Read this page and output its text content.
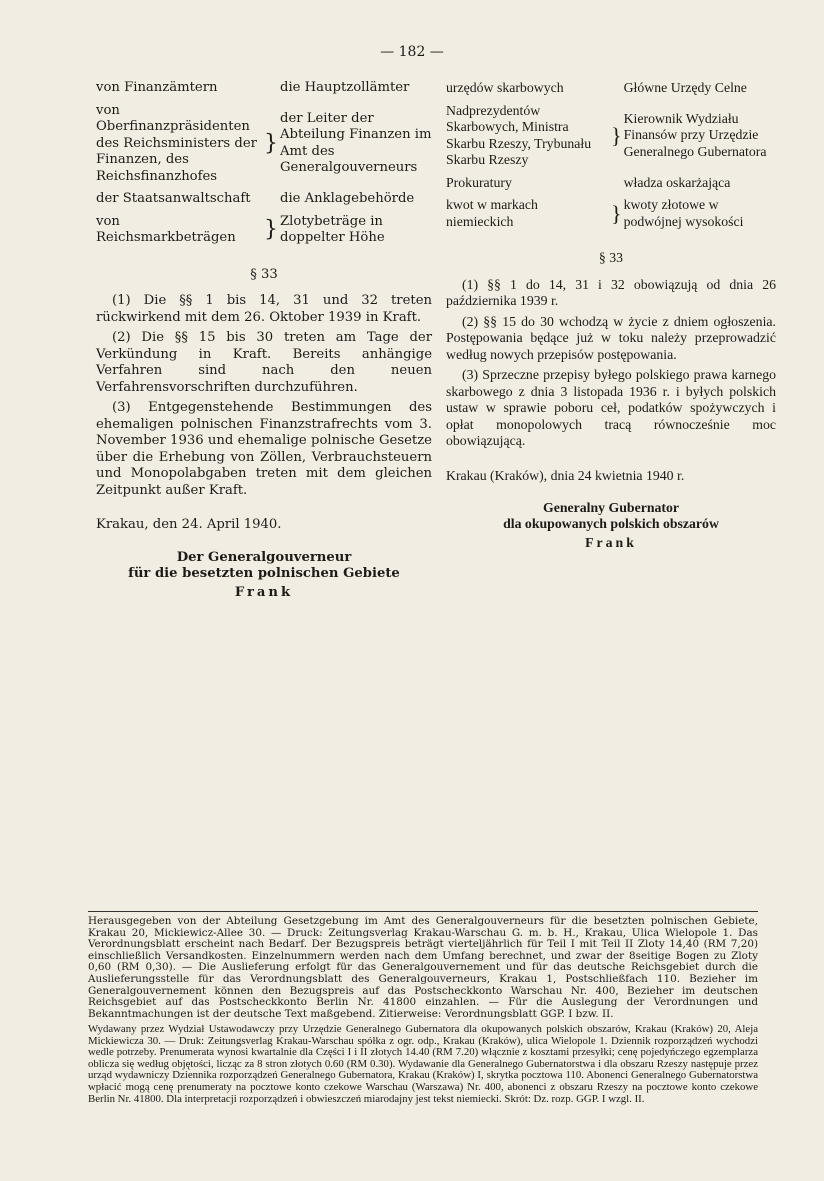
— 182 —
von Finanzämtern		die Hauptzollämter
von Oberfinanzpräsidenten des Reichsministers der Finanzen, des Reichsfinanzhofes	}	der Leiter der Abteilung Finanzen im Amt des Generalgouverneurs
der Staatsanwaltschaft		die Anklagebehörde
von Reichsmarkbeträgen	}	Zlotybeträge in doppelter Höhe
§ 33

(1) Die §§ 1 bis 14, 31 und 32 treten rückwirkend mit dem 26. Oktober 1939 in Kraft.

(2) Die §§ 15 bis 30 treten am Tage der Verkündung in Kraft. Bereits anhängige Verfahren sind nach den neuen Verfahrensvorschriften durchzuführen.

(3) Entgegenstehende Bestimmungen des ehemaligen polnischen Finanzstrafrechts vom 3. November 1936 und ehemalige polnische Gesetze über die Erhebung von Zöllen, Verbrauchsteuern und Monopolabgaben treten mit dem gleichen Zeitpunkt außer Kraft.

Krakau, den 24. April 1940.
Der Generalgouverneur
für die besetzten polnischen Gebiete
Frank
urzędów skarbowych		Główne Urzędy Celne
Nadprezydentów Skarbowych, Ministra Skarbu Rzeszy, Trybunału Skarbu Rzeszy	}	Kierownik Wydziału Finansów przy Urzędzie Generalnego Gubernatora
Prokuratury		władza oskarżająca
kwot w markach niemieckich	}	kwoty złotowe w podwójnej wysokości
§ 33

(1) §§ 1 do 14, 31 i 32 obowiązują od dnia 26 października 1939 r.

(2) §§ 15 do 30 wchodzą w życie z dniem ogłoszenia. Postępowania będące już w toku należy przeprowadzić według nowych przepisów postępowania.

(3) Sprzeczne przepisy byłego polskiego prawa karnego skarbowego z dnia 3 listopada 1936 r. i byłych polskich ustaw w sprawie poboru ceł, podatków spożywczych i opłat monopolowych tracą równocześnie moc obowiązującą.

Krakau (Kraków), dnia 24 kwietnia 1940 r.
Generalny Gubernator
dla okupowanych polskich obszarów
Frank
Herausgegeben von der Abteilung Gesetzgebung im Amt des Generalgouverneurs für die besetzten polnischen Gebiete, Krakau 20, Mickiewicz-Allee 30. — Druck: Zeitungsverlag Krakau-Warschau G. m. b. H., Krakau, Ulica Wielopole 1. Das Verordnungsblatt erscheint nach Bedarf. Der Bezugspreis beträgt vierteljährlich für Teil I mit Teil II Zloty 14,40 (RM 7,20) einschließlich Versandkosten. Einzelnummern werden nach dem Umfang berechnet, und zwar der 8seitige Bogen zu Zloty 0,60 (RM 0,30). — Die Auslieferung erfolgt für das Generalgouvernement und für das deutsche Reichsgebiet durch die Auslieferungsstelle für das Verordnungsblatt des Generalgouverneurs, Krakau 1, Postschließfach 110. Bezieher im Generalgouvernement können den Bezugspreis auf das Postscheckkonto Warschau Nr. 400, Bezieher im deutschen Reichsgebiet auf das Postscheckkonto Berlin Nr. 41800 einzahlen. — Für die Auslegung der Verordnungen und Bekanntmachungen ist der deutsche Text maßgebend. Zitierweise: Verordnungsblatt GGP. I bzw. II.
Wydawany przez Wydział Ustawodawczy przy Urzędzie Generalnego Gubernatora dla okupowanych polskich obszarów, Krakau (Kraków) 20, Aleja Mickiewicza 30. — Druk: Zeitungsverlag Krakau-Warschau spółka z ogr. odp., Krakau (Kraków), ulica Wielopole 1. Dziennik rozporządzeń wychodzi wedle potrzeby. Prenumerata wynosi kwartalnie dla Części I i II złotych 14.40 (RM 7.20) włącznie z kosztami przesyłki; cenę pojedyńczego egzemplarza oblicza się według objętości, licząc za 8 stron złotych 0.60 (RM 0.30). Wydawanie dla Generalnego Gubernatorstwa i dla obszaru Rzeszy następuje przez urząd wydawniczy Dziennika rozporządzeń Generalnego Gubernatora, Krakau (Kraków) I, skrytka pocztowa 110. Abonenci Generalnego Gubernatorstwa wpłacić mogą cenę prenumeraty na pocztowe konto czekowe Warschau (Warszawa) Nr. 400, abonenci z obszaru Rzeszy na pocztowe konto czekowe Berlin Nr. 41800. Dla interpretacji rozporządzeń i obwieszczeń miarodajny jest tekst niemiecki. Skrót: Dz. rozp. GGP. I wzgl. II.
